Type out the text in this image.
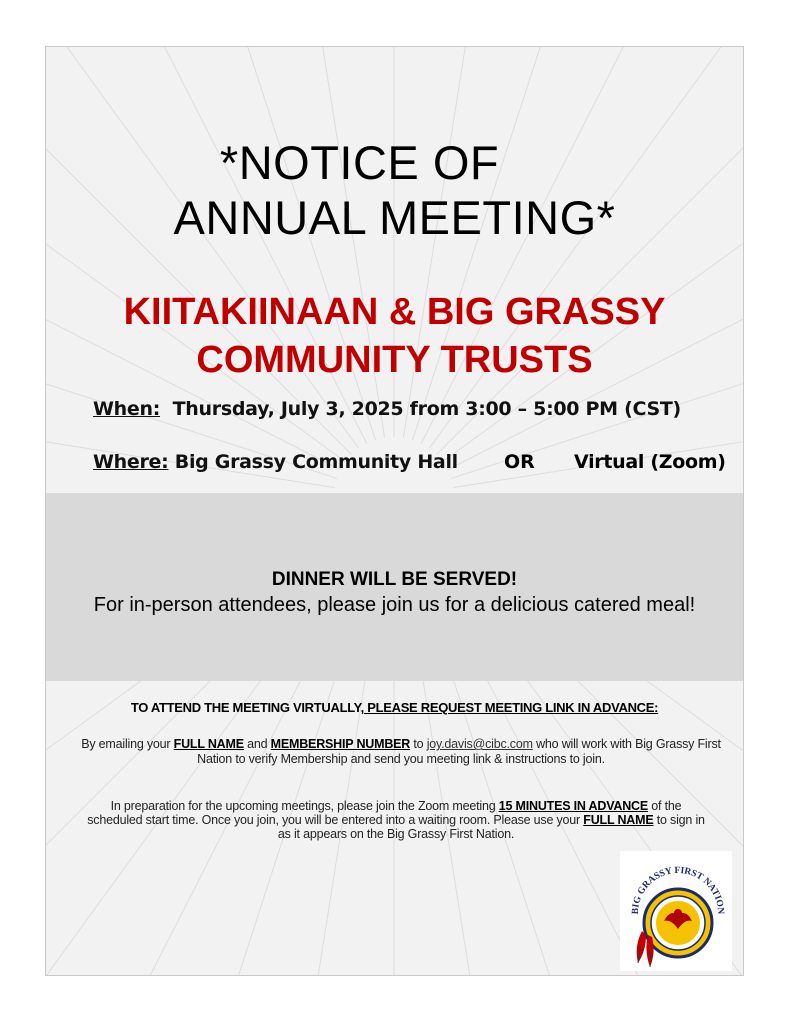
*NOTICE OF
ANNUAL MEETING*
KIITAKIINAAN & BIG GRASSY
COMMUNITY TRUSTS
When: Thursday, July 3, 2025 from 3:00 – 5:00 PM (CST)
Where: Big Grassy Community Hall OR Virtual (Zoom)
DINNER WILL BE SERVED!
For in-person attendees, please join us for a delicious catered meal!
TO ATTEND THE MEETING VIRTUALLY, PLEASE REQUEST MEETING LINK IN ADVANCE:
By emailing your FULL NAME and MEMBERSHIP NUMBER to joy.davis@cibc.com who will work with Big Grassy First Nation to verify Membership and send you meeting link & instructions to join.
In preparation for the upcoming meetings, please join the Zoom meeting 15 MINUTES IN ADVANCE of the scheduled start time. Once you join, you will be entered into a waiting room. Please use your FULL NAME to sign in as it appears on the Big Grassy First Nation.
BIG GRASSY FIRST NATION
